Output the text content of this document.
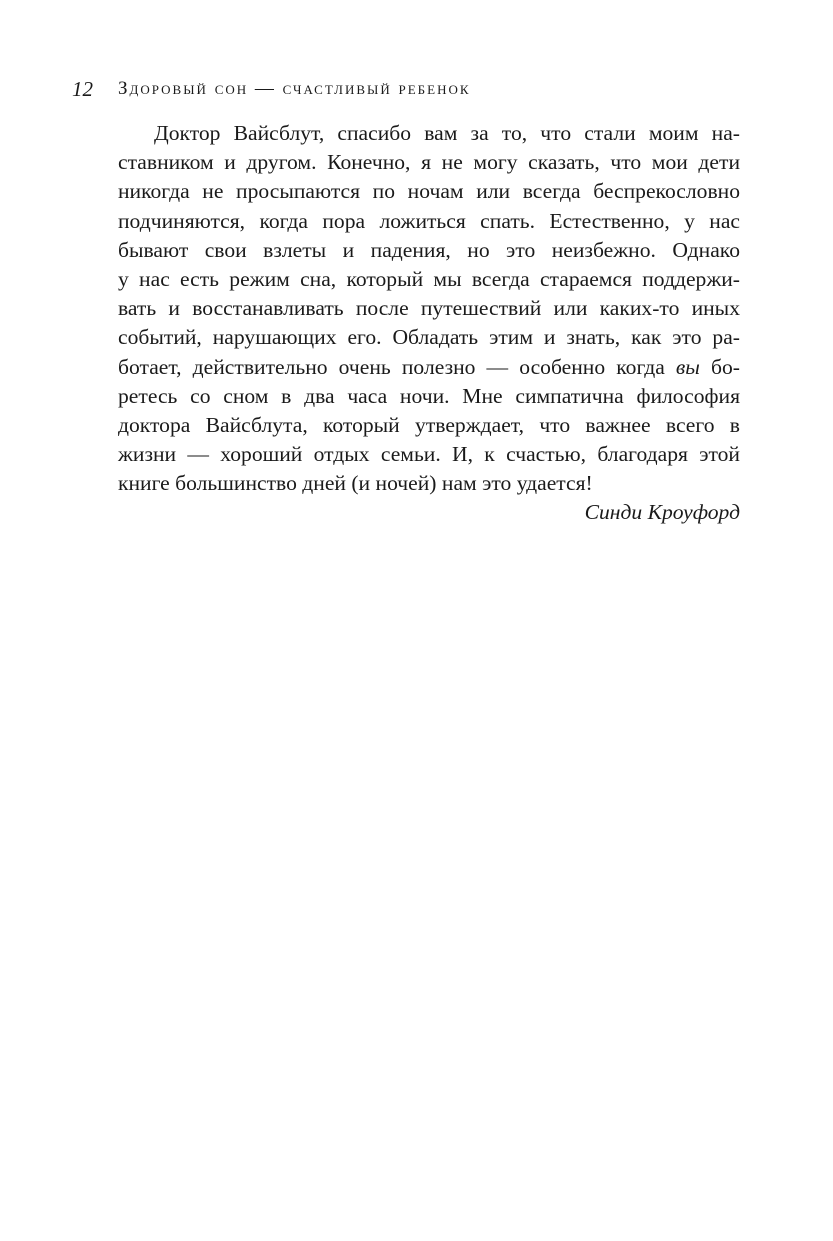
12 Здоровый сон — счастливый ребенок
Доктор Вайсблут, спасибо вам за то, что стали моим на-
ставником и другом. Конечно, я не могу сказать, что мои дети
никогда не просыпаются по ночам или всегда беспрекословно
подчиняются, когда пора ложиться спать. Естественно, у нас
бывают свои взлеты и падения, но это неизбежно. Однако
у нас есть режим сна, который мы всегда стараемся поддержи-
вать и восстанавливать после путешествий или каких-то иных
событий, нарушающих его. Обладать этим и знать, как это ра-
ботает, действительно очень полезно — особенно когда вы бо-
ретесь со сном в два часа ночи. Мне симпатична философия
доктора Вайсблута, который утверждает, что важнее всего в
жизни — хороший отдых семьи. И, к счастью, благодаря этой
книге большинство дней (и ночей) нам это удается!
Синди Кроуфорд
